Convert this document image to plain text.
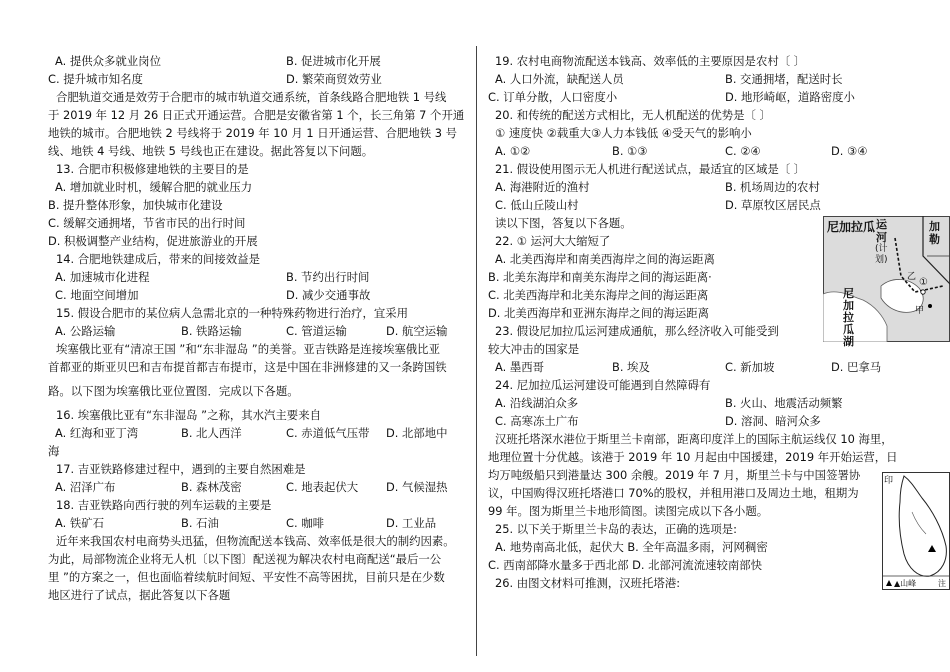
A. 提供众多就业岗位	B. 促进城市化开展
C. 提升城市知名度	D. 繁荣商贸效劳业
合肥轨道交通是效劳于合肥市的城市轨道交通系统，首条线路合肥地铁 1 号线
于 2019 年 12 月 26 日正式开通运营。合肥是安徽省第 1 个，长三角第 7 个开通
地铁的城市。合肥地铁 2 号线将于 2019 年 10 月 1 日开通运营、合肥地铁 3 号
线、地铁 4 号线、地铁 5 号线也正在建设。据此答复以下问题。
13. 合肥市积极修建地铁的主要目的是
A. 增加就业时机，缓解合肥的就业压力
B. 提升整体形象，加快城市化建设
C. 缓解交通拥堵，节省市民的出行时间
D. 积极调整产业结构，促进旅游业的开展
14. 合肥地铁建成后，带来的间接效益是
A. 加速城市化进程	B. 节约出行时间
C. 地面空间增加	D. 减少交通事故
15. 假设合肥市的某位病人急需北京的一种特殊药物进行治疗，宜采用
A. 公路运输	B. 铁路运输	C. 管道运输	D. 航空运输
埃塞俄比亚有“清凉王国 ”和“东非湿岛 ”的美誉。亚吉铁路是连接埃塞俄比亚
首都亚的斯亚贝巴和吉布提首都吉布提市，这是中国在非洲修建的又一条跨国铁
路。以下图为埃塞俄比亚位置图．完成以下各题。
16. 埃塞俄比亚有“东非湿岛 ”之称，其水汽主要来自
A. 红海和亚丁湾	B. 北人西洋	C. 赤道低气压带 D. 北部地中
海
17. 吉亚铁路修建过程中，遇到的主要自然困难是
A. 沼泽广布	B. 森林茂密	C. 地表起伏大 D. 气候湿热
18. 吉亚铁路向西行驶的列车运载的主要是
A. 铁矿石	B. 石油	C. 咖啡	D. 工业品
近年来我国农村电商势头迅猛，但物流配送本钱高、效率低是很大的制约因素。
为此，局部物流企业将无人机〔以下图〕配送视为解决农村电商配送“最后一公
里 ”的方案之一，但也面临着续航时间短、平安性不高等困扰，目前只是在少数
地区进行了试点，据此答复以下各题
19. 农村电商物流配送本钱高、效率低的主要原因是农村〔 〕
A. 人口外流，缺配送人员	B. 交通拥堵，配送时长
C. 订单分散，人口密度小	D. 地形崎岖，道路密度小
20. 和传统的配送方式相比，无人机配送的优势是〔 〕
① 速度快 ②载重大③人力本钱低 ④受天气的影响小
A. ①②	B. ①③	C. ②④	D. ③④
21. 假设使用图示无人机进行配送试点，最适宜的区域是〔 〕
A. 海港附近的渔村	B. 机场周边的农村
C. 低山丘陵山村	D. 草原牧区居民点
读以下图，答复以下各题。
22. ① 运河大大缩短了
A. 北美西海岸和南美西海岸之间的海运距离
B. 北美东海岸和南美东海岸之间的海运距离·
C. 北美西海岸和北美东海岸之间的海运距离
D. 北美西海岸和亚洲东海岸之间的海运距离
23. 假设尼加拉瓜运河建成通航，那么经济收入可能受到
较大冲击的国家是
A. 墨西哥	B. 埃及	C. 新加坡	D. 巴拿马
24. 尼加拉瓜运河建设可能遇到自然障碍有
A. 沿线湖泊众多	B. 火山、地震活动频繁
C. 高寒冻土广布	D. 溶洞、暗河众多
汉班托塔深水港位于斯里兰卡南部，距离印度洋上的国际主航运线仅 10 海里，
地理位置十分优越。该港于 2019 年 10 月起由中国援建，2019 年开始运营，日
均万吨级船只到港量达 300 余艘。2019 年 7 月，斯里兰卡与中国签署协
议，中国购得汉班托塔港口 70%的股权，并租用港口及周边土地，租期为
99 年。图为斯里兰卡地形简图。读图完成以下各小题。
25. 以下关于斯里兰卡岛的表达，正确的选项是:
A. 地势南高北低，起伏大 B. 全年高温多雨，河网稠密
C. 西南部降水量多于西北部 D. 北部河流流速较南部快
26. 由图文材料可推测，汉班托塔港:
尼加拉瓜 运河
(计划)
加勒
尼加拉瓜湖
①
乙
甲
印
▲山峰	注
